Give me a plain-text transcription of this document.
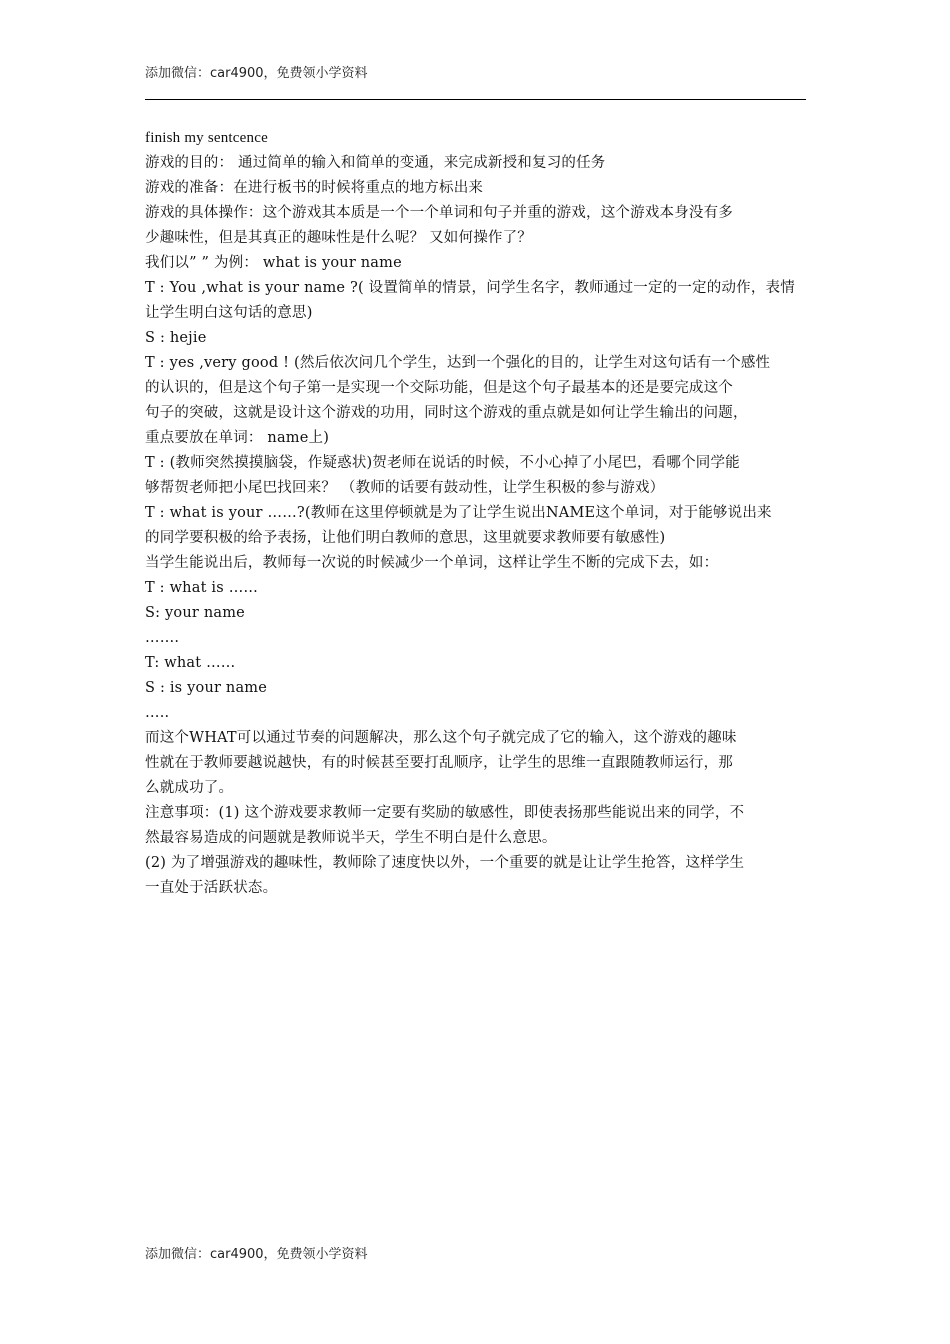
添加微信：car4900，免费领小学资料
finish my sentcence
游戏的目的： 通过简单的输入和简单的变通，来完成新授和复习的任务
游戏的准备：在进行板书的时候将重点的地方标出来
游戏的具体操作：这个游戏其本质是一个一个单词和句子并重的游戏，这个游戏本身没有多
少趣味性，但是其真正的趣味性是什么呢？ 又如何操作了？
我们以” ” 为例： what is your name
T : You ,what is your name ?( 设置简单的情景，问学生名字，教师通过一定的一定的动作，表情
让学生明白这句话的意思)
S : hejie
T : yes ,very good ! (然后依次问几个学生，达到一个强化的目的，让学生对这句话有一个感性
的认识的，但是这个句子第一是实现一个交际功能，但是这个句子最基本的还是要完成这个
句子的突破，这就是设计这个游戏的功用，同时这个游戏的重点就是如何让学生输出的问题，
重点要放在单词： name上)
T : (教师突然摸摸脑袋，作疑惑状)贺老师在说话的时候，不小心掉了小尾巴，看哪个同学能
够帮贺老师把小尾巴找回来？ （教师的话要有鼓动性，让学生积极的参与游戏）
T : what is your ……?(教师在这里停顿就是为了让学生说出NAME这个单词，对于能够说出来
的同学要积极的给予表扬，让他们明白教师的意思，这里就要求教师要有敏感性)
当学生能说出后，教师每一次说的时候减少一个单词，这样让学生不断的完成下去，如：
T : what is ……
S: your name
…….
T: what ……
S : is your name
…..
而这个WHAT可以通过节奏的问题解决，那么这个句子就完成了它的输入，这个游戏的趣味
性就在于教师要越说越快，有的时候甚至要打乱顺序，让学生的思维一直跟随教师运行，那
么就成功了。
注意事项：(1) 这个游戏要求教师一定要有奖励的敏感性，即使表扬那些能说出来的同学，不
然最容易造成的问题就是教师说半天，学生不明白是什么意思。
(2) 为了增强游戏的趣味性，教师除了速度快以外，一个重要的就是让让学生抢答，这样学生
一直处于活跃状态。
添加微信：car4900，免费领小学资料
